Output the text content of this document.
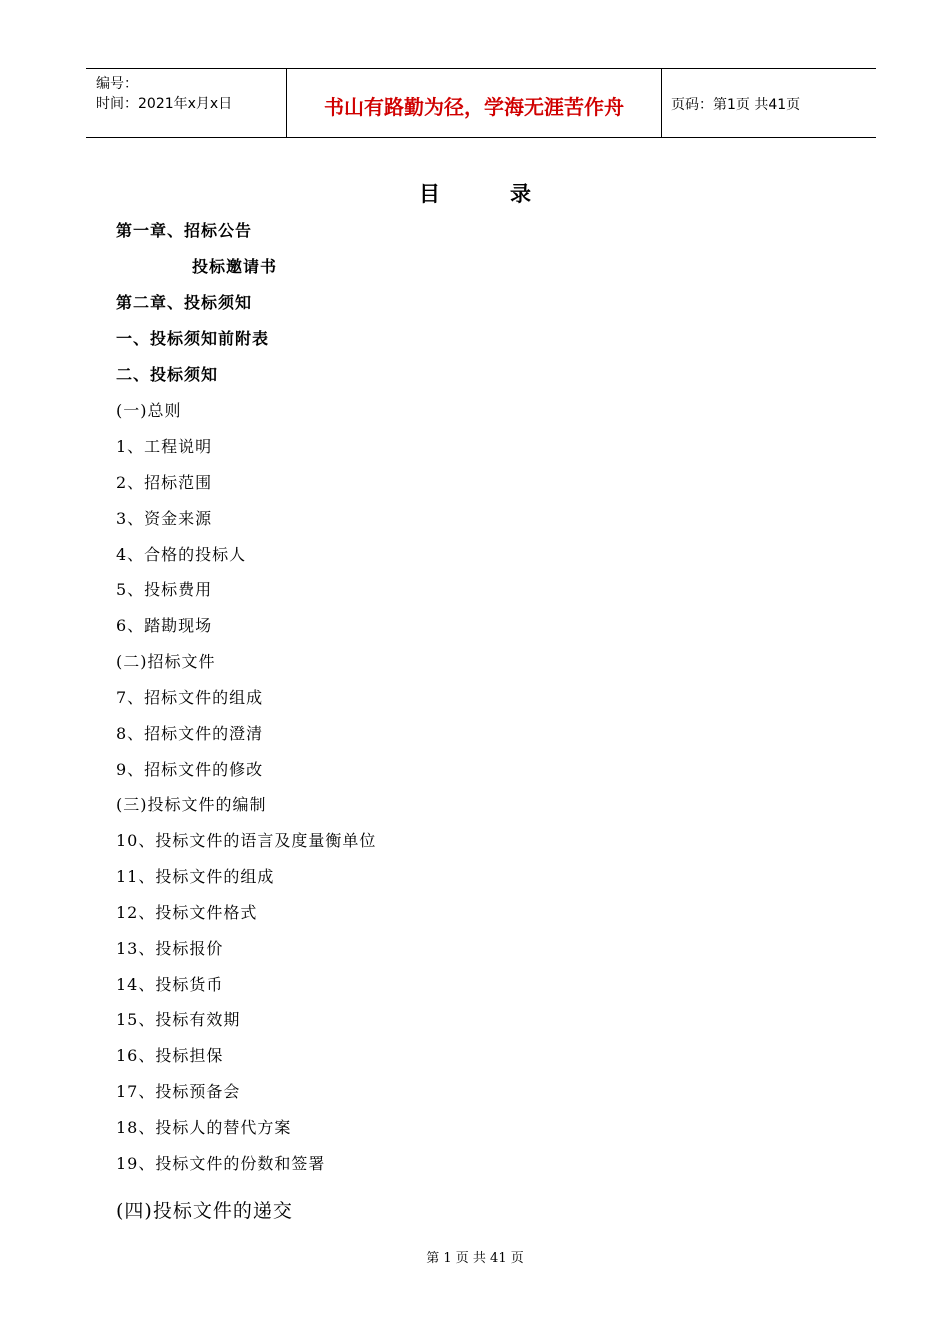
编号：
时间：2021年x月x日	书山有路勤为径，学海无涯苦作舟	页码：第1页 共41页
目录
第一章、招标公告
投标邀请书
第二章、投标须知
一、投标须知前附表
二、投标须知
(一)总则
1、工程说明
2、招标范围
3、资金来源
4、合格的投标人
5、投标费用
6、踏勘现场
(二)招标文件
7、招标文件的组成
8、招标文件的澄清
9、招标文件的修改
(三)投标文件的编制
10、投标文件的语言及度量衡单位
11、投标文件的组成
12、投标文件格式
13、投标报价
14、投标货币
15、投标有效期
16、投标担保
17、投标预备会
18、投标人的替代方案
19、投标文件的份数和签署
(四)投标文件的递交
第 1 页 共 41 页
